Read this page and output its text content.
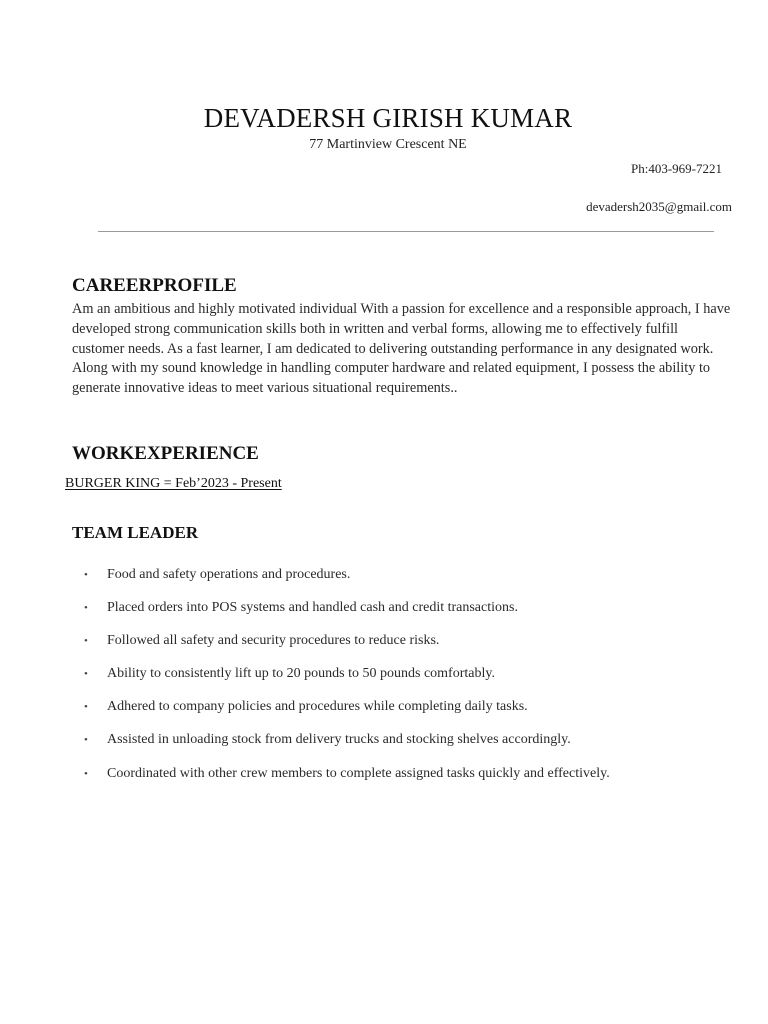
DEVADERSH GIRISH KUMAR
77 Martinview Crescent NE
Ph:403-969-7221
devadersh2035@gmail.com
CAREERPROFILE
Am an ambitious and highly motivated individual With a passion for excellence and a responsible approach, I have developed strong communication skills both in written and verbal forms, allowing me to effectively fulfill customer needs. As a fast learner, I am dedicated to delivering outstanding performance in any designated work. Along with my sound knowledge in handling computer hardware and related equipment, I possess the ability to generate innovative ideas to meet various situational requirements..
WORKEXPERIENCE
BURGER KING = Feb’2023 - Present
TEAM LEADER
• Food and safety operations and procedures.
• Placed orders into POS systems and handled cash and credit transactions.
• Followed all safety and security procedures to reduce risks.
• Ability to consistently lift up to 20 pounds to 50 pounds comfortably.
• Adhered to company policies and procedures while completing daily tasks.
• Assisted in unloading stock from delivery trucks and stocking shelves accordingly.
• Coordinated with other crew members to complete assigned tasks quickly and effectively.
